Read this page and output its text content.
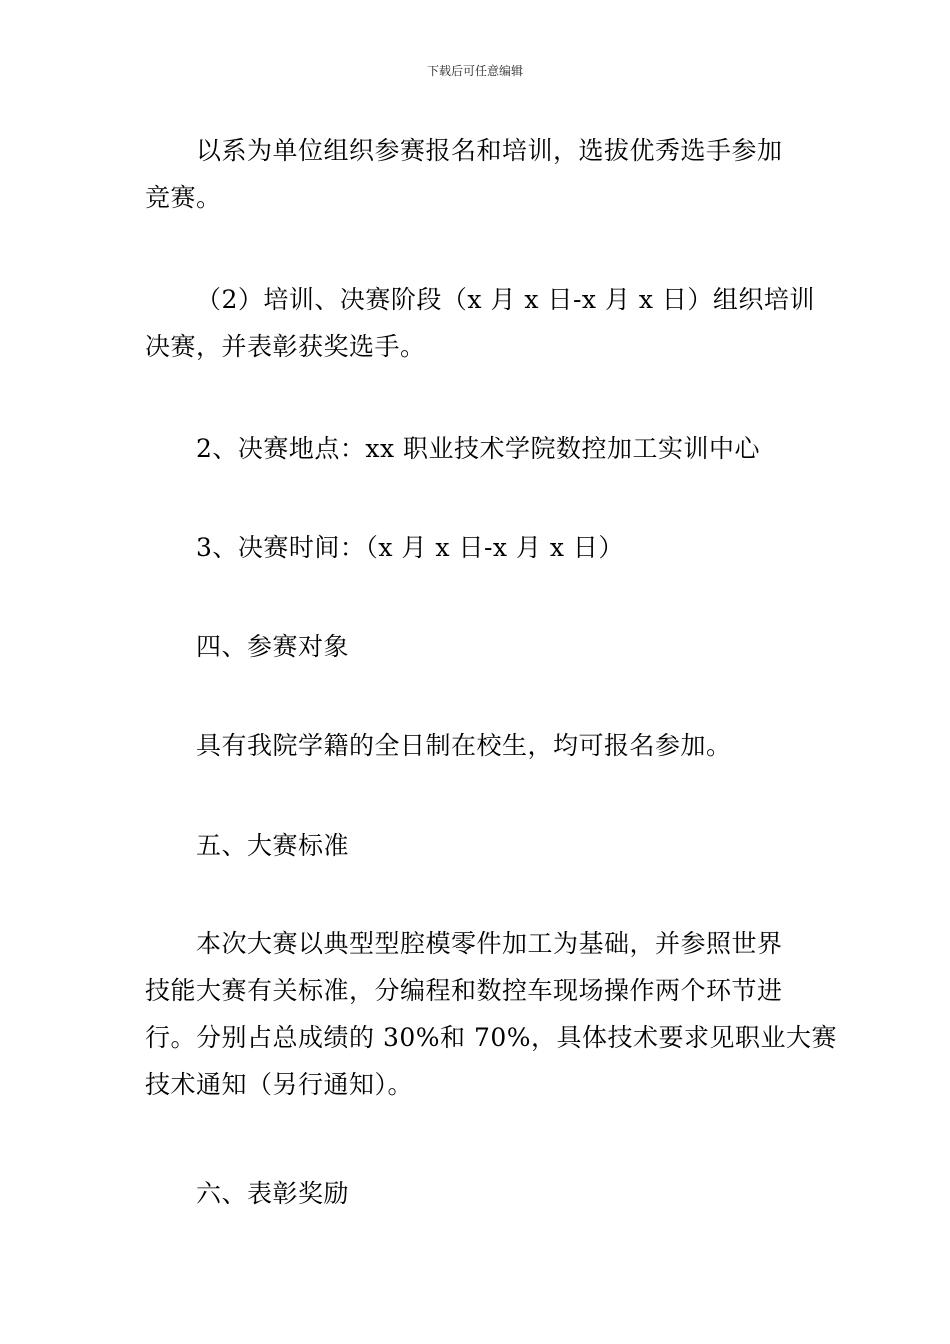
下载后可任意编辑
以系为单位组织参赛报名和培训，选拔优秀选手参加
竞赛。
（2）培训、决赛阶段（x 月 x 日-x 月 x 日）组织培训
决赛，并表彰获奖选手。
2、决赛地点：xx 职业技术学院数控加工实训中心
3、决赛时间：（x 月 x 日-x 月 x 日）
四、参赛对象
具有我院学籍的全日制在校生，均可报名参加。
五、大赛标准
本次大赛以典型型腔模零件加工为基础，并参照世界
技能大赛有关标准，分编程和数控车现场操作两个环节进
行。分别占总成绩的 30%和 70%，具体技术要求见职业大赛
技术通知（另行通知）。
六、表彰奖励
